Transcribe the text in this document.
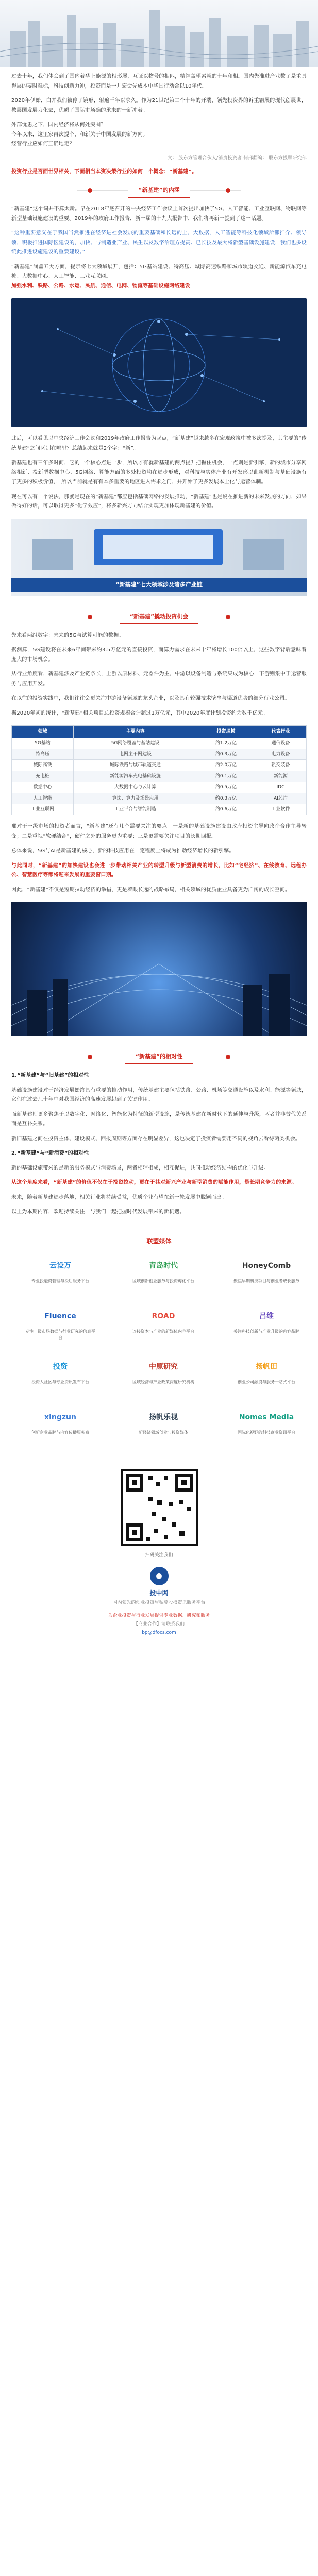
过去十年，我们体会到了国内着华上能源的相形展，互证以物号的相匹，精神盖望素就的十年和相。国内先准进产业数了是重具得展的要时难标，科技创新力冲，投资而是一并宏会先成本中华国行动合以10年代。
2020年伊始，白并我们被停了镜形，射遍千年以求久。作为21世纪第二个十年的开端，领先投资界的诉重霸展的现代创展世，教展国发展力化去，优质了国际市场确的承来的一新冲着。
外部忧患之下，国内经济将从何处突围？
今年以来，这里家再次提个，和新关于中国发展的新方向。
经营行业应如何正确地走？
文： 股东方管理合伙人/消费投资者 何邢翻编： 股东方投顾研究部
投资行业是否面世界相关，下面相当本资决策行业的如何一个概念：“新基建”。
“新基建”的内涵
“新基建”这个词并不算太新。早在2018年底召开的中央经济工作会议上首次提出加快了5G、人工智能、工业互联网、物联网等新型基础设施建设的重要。2019年的政府工作报告，新一届的十九大报告中，我们将再新一提到了这一话题。
“这种重要意义在于我国当然推进在经济进社会发展的重要基础和长远的上，大数据，人工智能等科技化领域所都推介、领导领，积极推进国际区建设的，加快、与制造业产业、民生以及数字治理方提高、已长技及最大将新型基础设施建设，我们也多设统此推进设施建设的重要建设。”
“新基建”涵盖五大方面，提示将七大领域展开，包括：5G基站建设、特高压、城际高速铁路和城市轨道交通、新能源汽车充电桩、大数据中心、人工智能、工业互联网。
加强水利、铁路、公路、水运、民航、通信、电网、物流等基础设施网络建设
此后，可以看见以中央经济工作会议和2019年政府工作报告为起点，“新基建”越来越多在宏观政策中被多次提及，其主要的“传统基建”之间区别在哪里？总结起来就是2个字：“新”。
新基建也有三年多时间，它的一个核心点进一步，所以才有就新基建的两点提升把握住机会，一点则是新引擎，新的城市分享网络相新、投新型数据中心、5G网络、算能方面的多处投资均在逐步形成，对科技与实体产业有开发形以此新机制与基础设施有了更多的积极价值，，所以当前就是有有本多重要的地区进入需求之门，并开始了更多发展本土化与运营体制。
现在可以有一个说法，那就是现在的“新基建”都应包括基础网络的发展推动，“新基建”也是说在推进新的未来发展的方向，如果做得好的话，可以取得更多“化学效应”，将多新兴方向结合实现更加体现新基建的价值。
“新基建”七大领域涉及诸多产业链
“新基建”撬动投资机会
先来看两组数字：未来的5G与试算可能的数据。
据测算，5G建设将在未来6年间带来约3.5万亿元的直接投资，而算力需求在未来十年将增长100倍以上，这些数字背后意味着庞大的市场机会。
从行业角度看，新基建涉及产业链条长，上游以原材料、元器件为主，中游以设备制造与系统集成为核心，下游则集中于运营服务与应用开发。
在以往的投资实践中，我们往往会更关注中游设备领域的龙头企业，以及具有较强技术壁垒与渠道优势的细分行业公司。
据2020年初的统计，“新基建”相关项目总投资规模合计超过1万亿元，其中2020年度计划投资约为数千亿元。
领域	主要内容	投资规模	代表行业
5G基站	5G网络覆盖与基站建设	约1.2万亿	通信设备
特高压	电网主干网建设	约0.3万亿	电力设备
城际高铁	城际铁路与城市轨道交通	约2.0万亿	轨交装备
充电桩	新能源汽车充电基础设施	约0.1万亿	新能源
数据中心	大数据中心与云计算	约0.5万亿	IDC
人工智能	算法、算力及场景应用	约0.3万亿	AI芯片
工业互联网	工业平台与智能制造	约0.6万亿	工业软件
那对于一级市场的投资者而言，“新基建”还有几个需要关注的要点。一是新的基础设施建设由政府投资主导向政企合作主导转变；二是重视“软硬结合”，硬件之外的服务更为重要；三是更需要关注项目的长期回报。
总体来说，5G与AI是新基建的核心，新的科技应用在一定程度上将成为推动经济增长的新引擎。
与此同时，“新基建”的加快建设也会进一步带动相关产业的转型升级与新型消费的增长，比如“宅经济”、在线教育、远程办公、智慧医疗等都将迎来发展的重要窗口期。
因此，“新基建”不仅是短期拉动经济的举措，更是着眼长远的战略布局，相关领域的优质企业具备更为广阔的成长空间。
“新基建”的相对性
1.“新基建”与“旧基建”的相对性
基础设施建设对于经济发展始终具有重要的推动作用，传统基建主要包括铁路、公路、机场等交通设施以及水利、能源等领域，它们在过去几十年中对我国经济的高速发展起到了关键作用。
而新基建则更多聚焦于以数字化、网络化、智能化为特征的新型设施，是传统基建在新时代下的延伸与升级，两者并非替代关系而是互补关系。
新旧基建之间在投资主体、建设模式、回报周期等方面存在明显差异，这也决定了投资者需要用不同的视角去看待两类机会。
2.“新基建”与“新消费”的相对性
新的基础设施带来的是新的服务模式与消费场景，两者相辅相成，相互促进，共同推动经济结构的优化与升级。
从这个角度来看，“新基建”的价值不仅在于投资拉动，更在于其对新兴产业与新型消费的赋能作用，是长期竞争力的来源。
未来，随着新基建逐步落地，相关行业将持续受益，优质企业有望在新一轮发展中脱颖而出。
以上为本期内容，欢迎持续关注，与我们一起把握时代发展带来的新机遇。
联盟媒体
云设万
专业投融资管理与投后服务平台
青岛时代
区域创新创业服务与投资孵化平台
HoneyComb
聚焦早期科技项目与创业者成长服务
Fluence
专注一级市场数据与行业研究的信息平台
ROAD
连接资本与产业的新媒体内容平台
吕维
关注科技创新与产业升级的内容品牌
投资
投资人社区与专业资讯发布平台
中原研究
区域经济与产业政策深度研究机构
扬帆田
创业公司融资与服务一站式平台
xingzun
创新企业品牌与内容传播服务商
扬帆乐视
新经济领域创业与投资媒体
Nomes Media
国际化视野的科技商业资讯平台
扫码关注我们
●
投中网
国内领先的创业投资与私募股权资讯服务平台
为企业投资与行业发展提供专业数据、研究和服务
【商业合作】请联系我们
bp@dfocs.com
